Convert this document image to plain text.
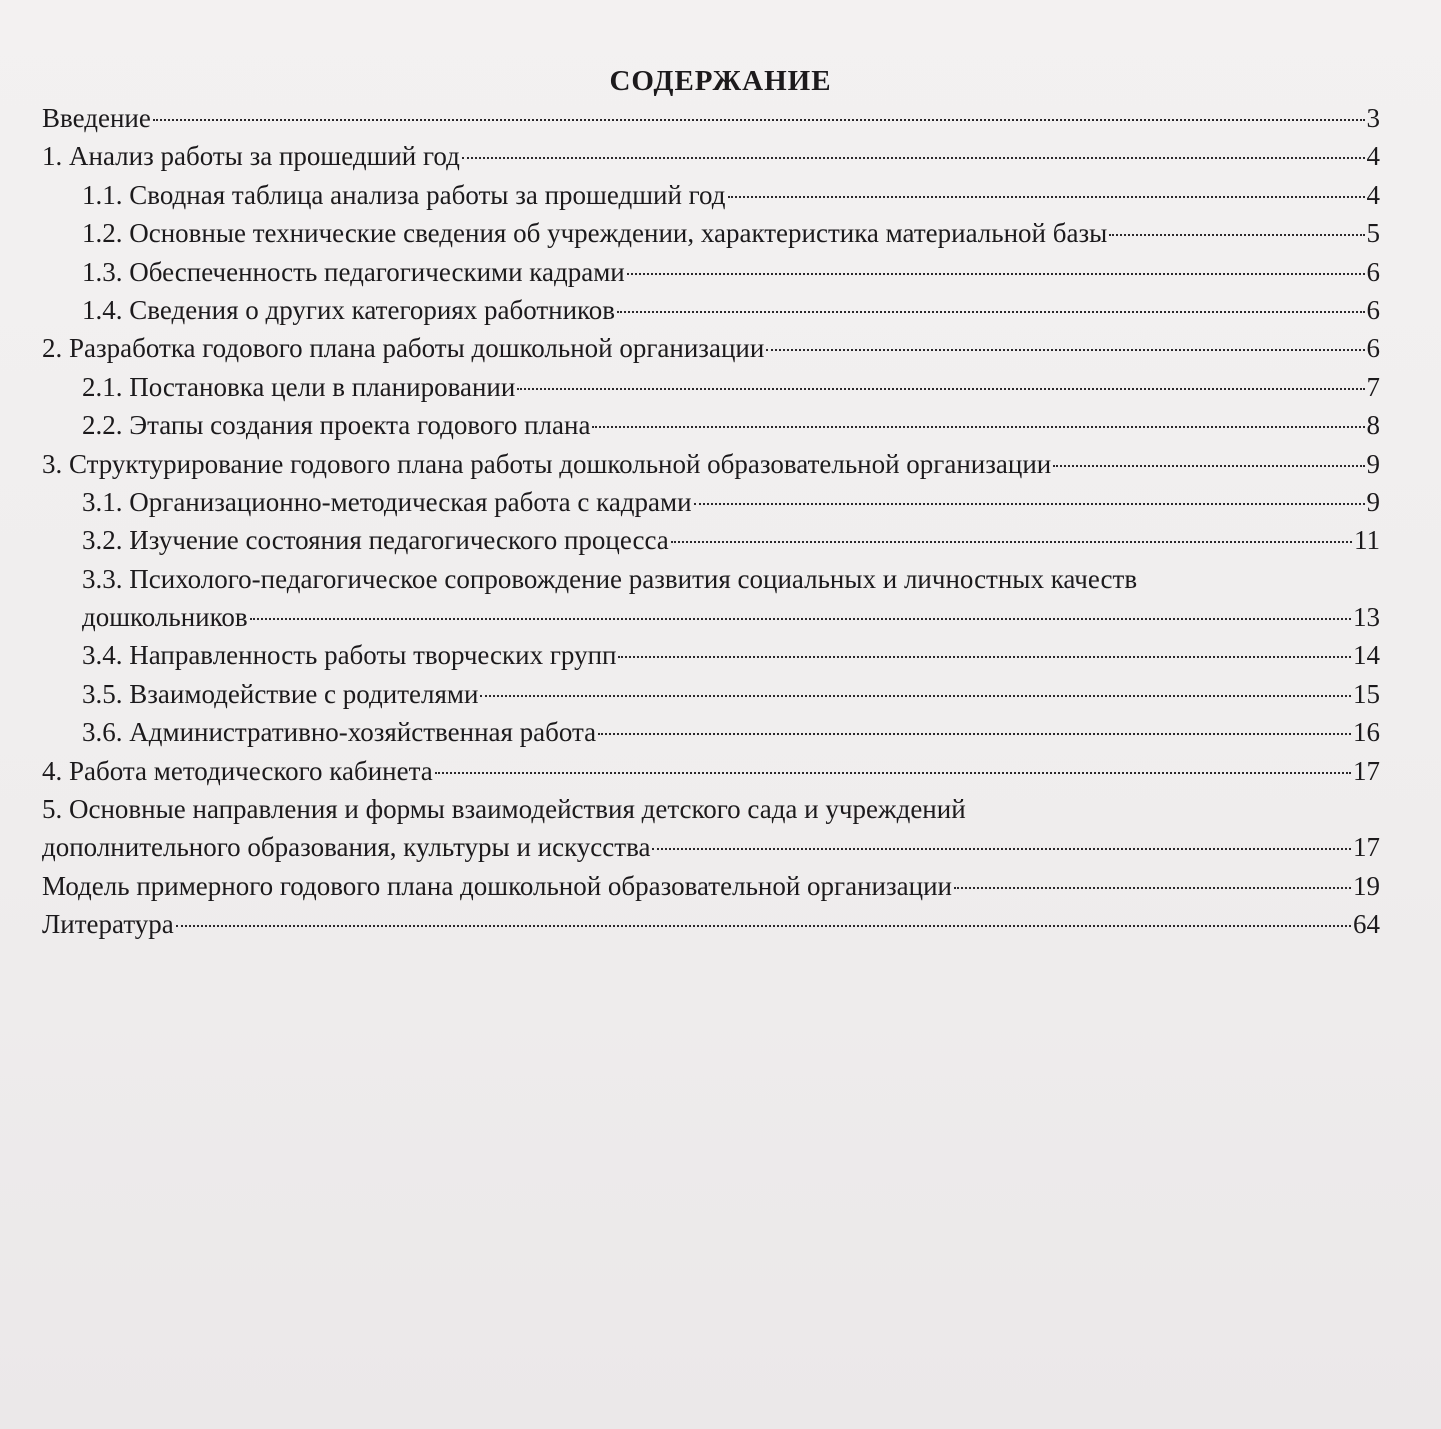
СОДЕРЖАНИЕ
Введение	3
1. Анализ работы за прошедший год	4
1.1. Сводная таблица анализа работы за прошедший год	4
1.2. Основные технические сведения об учреждении, характеристика материальной базы	5
1.3. Обеспеченность педагогическими кадрами	6
1.4. Сведения о других категориях работников	6
2. Разработка годового плана работы дошкольной организации	6
2.1. Постановка цели в планировании	7
2.2. Этапы создания проекта годового плана	8
3. Структурирование годового плана работы дошкольной образовательной организации	9
3.1. Организационно-методическая работа с кадрами	9
3.2. Изучение состояния педагогического процесса	11
3.3. Психолого-педагогическое сопровождение развития социальных и личностных качеств
дошкольников	13
3.4. Направленность работы творческих групп	14
3.5. Взаимодействие с родителями	15
3.6. Административно-хозяйственная работа	16
4. Работа методического кабинета	17
5. Основные направления и формы взаимодействия детского сада и учреждений
дополнительного образования, культуры и искусства	17
Модель примерного годового плана дошкольной образовательной организации	19
Литература	64
